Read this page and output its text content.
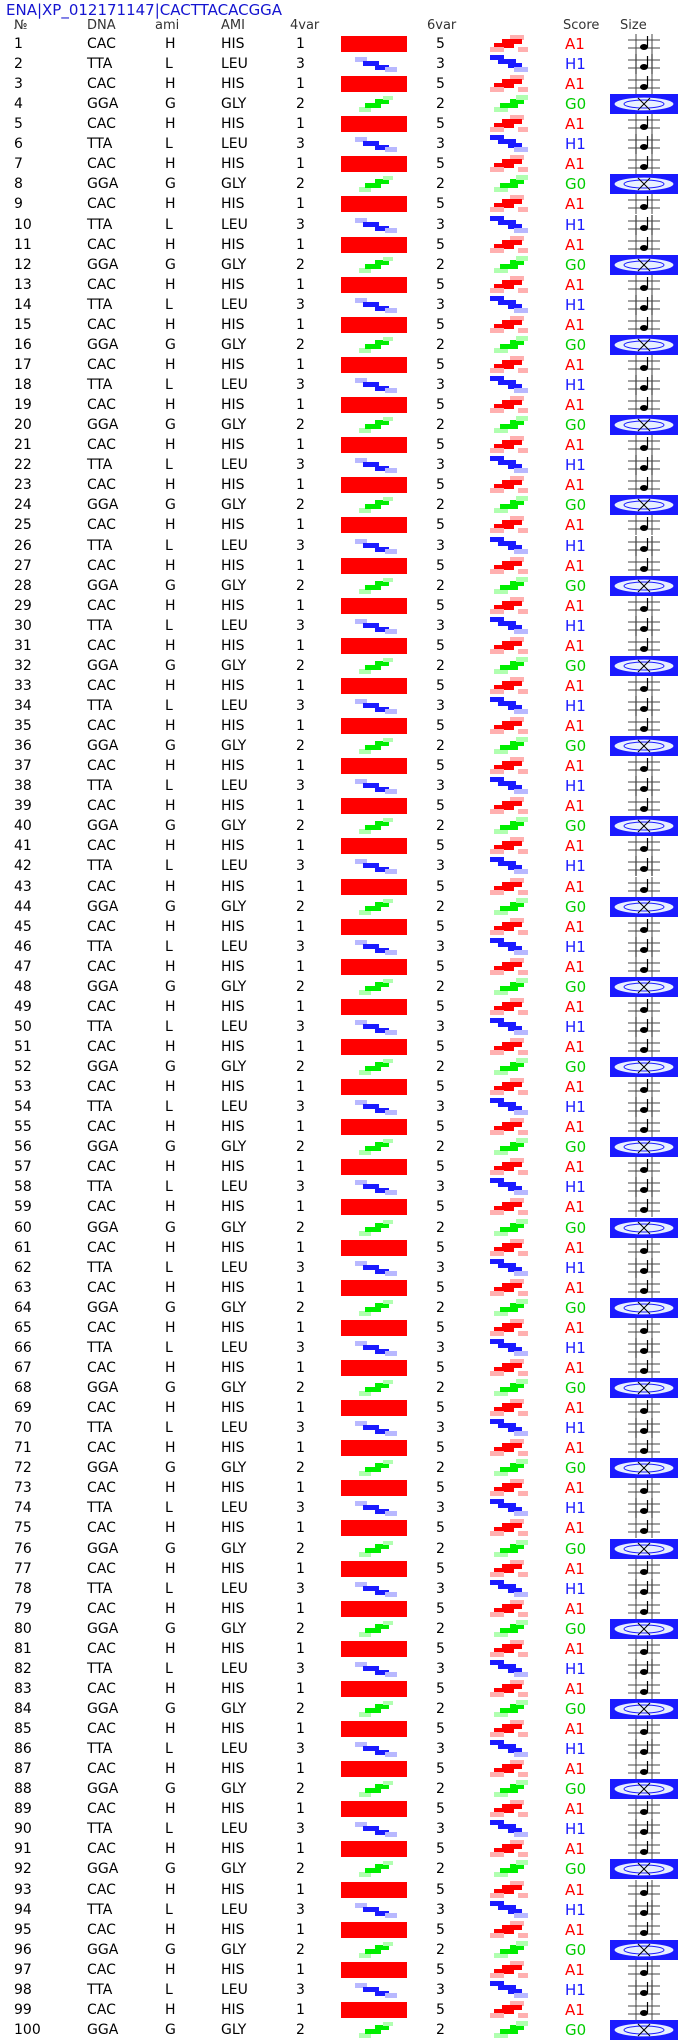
ENA|XP_012171147|CACTTACACGGA
№	DNA	ami	AMI	4var	6var	Score Size
1	CAC	H	HIS	1	5	A1
2	TTA	L	LEU	3	3	H1
3	CAC	H	HIS	1	5	A1
4	GGA	G	GLY	2	2	G0
5	CAC	H	HIS	1	5	A1
6	TTA	L	LEU	3	3	H1
7	CAC	H	HIS	1	5	A1
8	GGA	G	GLY	2	2	G0
9	CAC	H	HIS	1	5	A1
10	TTA	L	LEU	3	3	H1
11	CAC	H	HIS	1	5	A1
12	GGA	G	GLY	2	2	G0
13	CAC	H	HIS	1	5	A1
14	TTA	L	LEU	3	3	H1
15	CAC	H	HIS	1	5	A1
16	GGA	G	GLY	2	2	G0
17	CAC	H	HIS	1	5	A1
18	TTA	L	LEU	3	3	H1
19	CAC	H	HIS	1	5	A1
20	GGA	G	GLY	2	2	G0
21	CAC	H	HIS	1	5	A1
22	TTA	L	LEU	3	3	H1
23	CAC	H	HIS	1	5	A1
24	GGA	G	GLY	2	2	G0
25	CAC	H	HIS	1	5	A1
26	TTA	L	LEU	3	3	H1
27	CAC	H	HIS	1	5	A1
28	GGA	G	GLY	2	2	G0
29	CAC	H	HIS	1	5	A1
30	TTA	L	LEU	3	3	H1
31	CAC	H	HIS	1	5	A1
32	GGA	G	GLY	2	2	G0
33	CAC	H	HIS	1	5	A1
34	TTA	L	LEU	3	3	H1
35	CAC	H	HIS	1	5	A1
36	GGA	G	GLY	2	2	G0
37	CAC	H	HIS	1	5	A1
38	TTA	L	LEU	3	3	H1
39	CAC	H	HIS	1	5	A1
40	GGA	G	GLY	2	2	G0
41	CAC	H	HIS	1	5	A1
42	TTA	L	LEU	3	3	H1
43	CAC	H	HIS	1	5	A1
44	GGA	G	GLY	2	2	G0
45	CAC	H	HIS	1	5	A1
46	TTA	L	LEU	3	3	H1
47	CAC	H	HIS	1	5	A1
48	GGA	G	GLY	2	2	G0
49	CAC	H	HIS	1	5	A1
50	TTA	L	LEU	3	3	H1
51	CAC	H	HIS	1	5	A1
52	GGA	G	GLY	2	2	G0
53	CAC	H	HIS	1	5	A1
54	TTA	L	LEU	3	3	H1
55	CAC	H	HIS	1	5	A1
56	GGA	G	GLY	2	2	G0
57	CAC	H	HIS	1	5	A1
58	TTA	L	LEU	3	3	H1
59	CAC	H	HIS	1	5	A1
60	GGA	G	GLY	2	2	G0
61	CAC	H	HIS	1	5	A1
62	TTA	L	LEU	3	3	H1
63	CAC	H	HIS	1	5	A1
64	GGA	G	GLY	2	2	G0
65	CAC	H	HIS	1	5	A1
66	TTA	L	LEU	3	3	H1
67	CAC	H	HIS	1	5	A1
68	GGA	G	GLY	2	2	G0
69	CAC	H	HIS	1	5	A1
70	TTA	L	LEU	3	3	H1
71	CAC	H	HIS	1	5	A1
72	GGA	G	GLY	2	2	G0
73	CAC	H	HIS	1	5	A1
74	TTA	L	LEU	3	3	H1
75	CAC	H	HIS	1	5	A1
76	GGA	G	GLY	2	2	G0
77	CAC	H	HIS	1	5	A1
78	TTA	L	LEU	3	3	H1
79	CAC	H	HIS	1	5	A1
80	GGA	G	GLY	2	2	G0
81	CAC	H	HIS	1	5	A1
82	TTA	L	LEU	3	3	H1
83	CAC	H	HIS	1	5	A1
84	GGA	G	GLY	2	2	G0
85	CAC	H	HIS	1	5	A1
86	TTA	L	LEU	3	3	H1
87	CAC	H	HIS	1	5	A1
88	GGA	G	GLY	2	2	G0
89	CAC	H	HIS	1	5	A1
90	TTA	L	LEU	3	3	H1
91	CAC	H	HIS	1	5	A1
92	GGA	G	GLY	2	2	G0
93	CAC	H	HIS	1	5	A1
94	TTA	L	LEU	3	3	H1
95	CAC	H	HIS	1	5	A1
96	GGA	G	GLY	2	2	G0
97	CAC	H	HIS	1	5	A1
98	TTA	L	LEU	3	3	H1
99	CAC	H	HIS	1	5	A1
100	GGA	G	GLY	2	2	G0
